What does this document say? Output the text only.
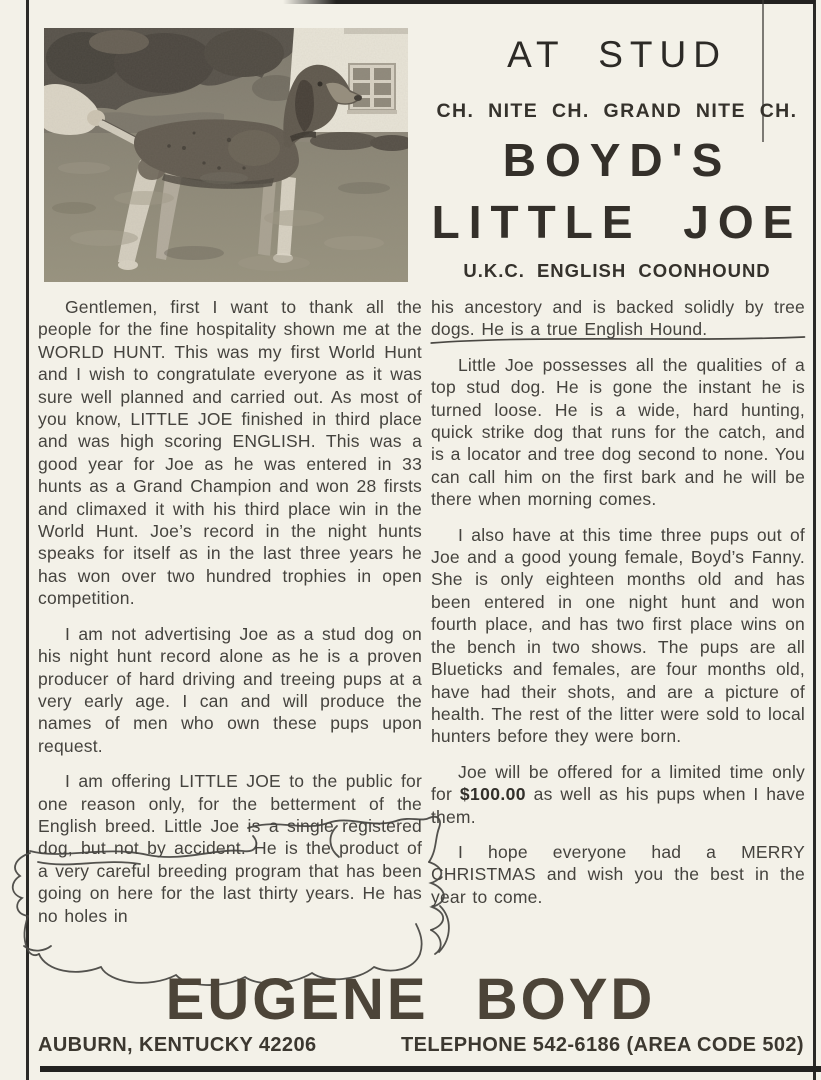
AT STUD
CH. NITE CH. GRAND NITE CH.
BOYD'S
LITTLE JOE
U.K.C. ENGLISH COONHOUND

Gentlemen, first I want to thank all the people for the fine hospitality shown me at the WORLD HUNT. This was my first World Hunt and I wish to congratulate everyone as it was sure well planned and carried out. As most of you know, LITTLE JOE finished in third place and was high scoring ENGLISH. This was a good year for Joe as he was entered in 33 hunts as a Grand Champion and won 28 firsts and climaxed it with his third place win in the World Hunt. Joe’s record in the night hunts speaks for itself as in the last three years he has won over two hundred trophies in open competition.

I am not advertising Joe as a stud dog on his night hunt record alone as he is a proven producer of hard driving and treeing pups at a very early age. I can and will produce the names of men who own these pups upon request.

I am offering LITTLE JOE to the public for one reason only, for the betterment of the English breed. Little Joe is a single registered dog, but not by accident. He is the product of a very careful breeding program that has been going on here for the last thirty years. He has no holes in

his ancestory and is backed solidly by tree dogs. He is a true English Hound.

Little Joe possesses all the qualities of a top stud dog. He is gone the instant he is turned loose. He is a wide, hard hunting, quick strike dog that runs for the catch, and is a locator and tree dog second to none. You can call him on the first bark and he will be there when morning comes.

I also have at this time three pups out of Joe and a good young female, Boyd’s Fanny. She is only eighteen months old and has been entered in one night hunt and won fourth place, and has two first place wins on the bench in two shows. The pups are all Blueticks and females, are four months old, have had their shots, and are a picture of health. The rest of the litter were sold to local hunters before they were born.

Joe will be offered for a limited time only for $100.00 as well as his pups when I have them.

I hope everyone had a MERRY CHRISTMAS and wish you the best in the year to come.

EUGENE BOYD
AUBURN, KENTUCKY 42206	TELEPHONE 542-6186 (AREA CODE 502)
